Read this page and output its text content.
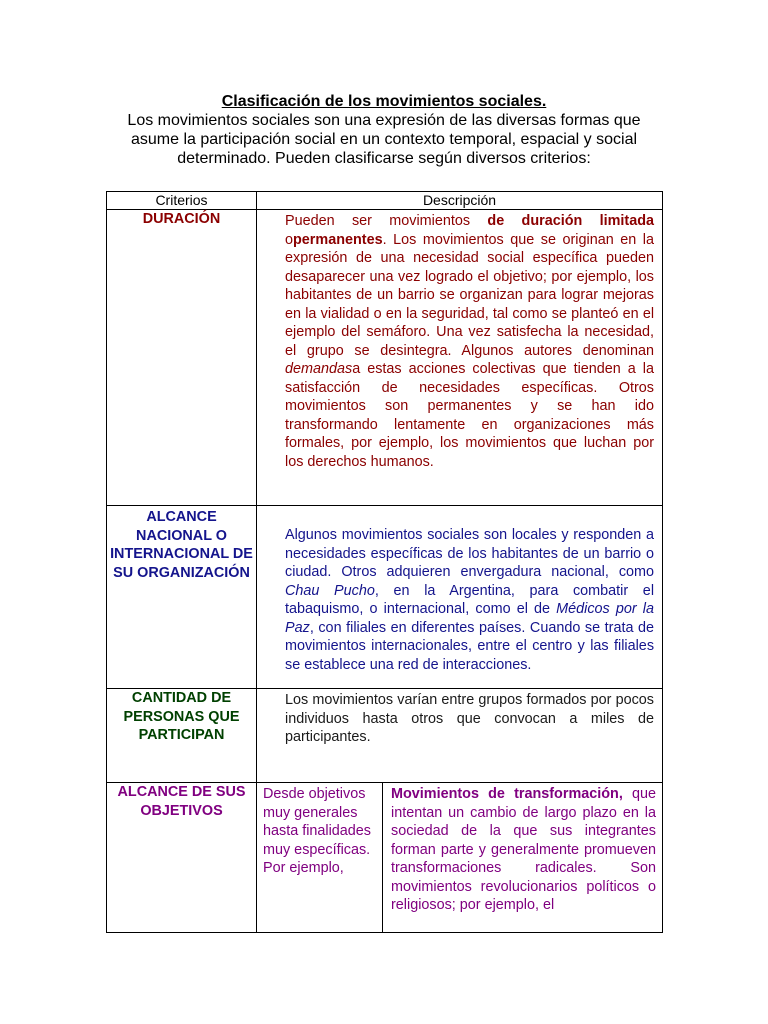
Clasificación de los movimientos sociales.
Los movimientos sociales son una expresión de las diversas formas que asume la participación social en un contexto temporal, espacial y social determinado. Pueden clasificarse según diversos criterios:
Criterios	Descripción	
DURACIÓN	Pueden ser movimientos de duración limitada opermanentes. Los movimientos que se originan en la expresión de una necesidad social específica pueden desaparecer una vez logrado el objetivo; por ejemplo, los habitantes de un barrio se organizan para lograr mejoras en la vialidad o en la seguridad, tal como se planteó en el ejemplo del semáforo. Una vez satisfecha la necesidad, el grupo se desintegra. Algunos autores denominan demandasa estas acciones colectivas que tienden a la satisfacción de necesidades específicas. Otros movimientos son permanentes y se han ido transformando lentamente en organizaciones más formales, por ejemplo, los movimientos que luchan por los derechos humanos.	

ALCANCE NACIONAL O INTERNACIONAL DE SU ORGANIZACIÓN	Algunos movimientos sociales son locales y responden a necesidades específicas de los habitantes de un barrio o ciudad. Otros adquieren envergadura nacional, como Chau Pucho, en la Argentina, para combatir el tabaquismo, o internacional, como el de Médicos por la Paz, con filiales en diferentes países. Cuando se trata de movimientos internacionales, entre el centro y las filiales se establece una red de interacciones.	

CANTIDAD DE PERSONAS QUE PARTICIPAN	Los movimientos varían entre grupos formados por pocos individuos hasta otros que convocan a miles de participantes.	

ALCANCE DE SUS OBJETIVOS	Desde objetivos muy generales hasta finalidades muy específicas. Por ejemplo,	Movimientos de transformación, que intentan un cambio de largo plazo en la sociedad de la que sus integrantes forman parte y generalmente promueven transformaciones radicales. Son movimientos revolucionarios políticos o religiosos; por ejemplo, el
